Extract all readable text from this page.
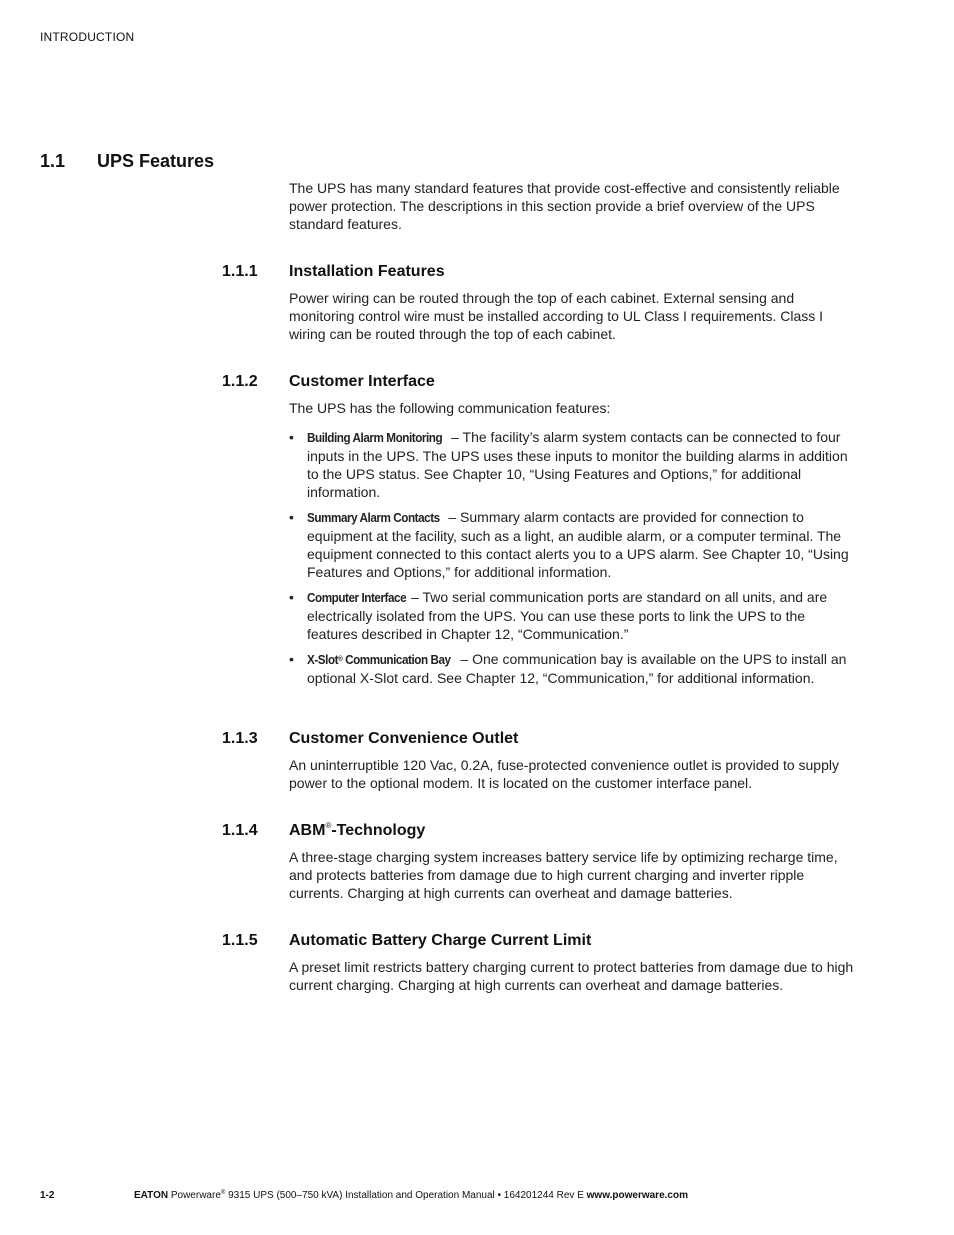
INTRODUCTION
1.1 UPS Features

The UPS has many standard features that provide cost-effective and consistently reliable power protection. The descriptions in this section provide a brief overview of the UPS standard features.

1.1.1 Installation Features

Power wiring can be routed through the top of each cabinet. External sensing and monitoring control wire must be installed according to UL Class I requirements. Class I wiring can be routed through the top of each cabinet.

1.1.2 Customer Interface

The UPS has the following communication features:

• Building Alarm Monitoring – The facility’s alarm system contacts can be connected to four inputs in the UPS. The UPS uses these inputs to monitor the building alarms in addition to the UPS status. See Chapter 10, “Using Features and Options,” for additional information.
• Summary Alarm Contacts – Summary alarm contacts are provided for connection to equipment at the facility, such as a light, an audible alarm, or a computer terminal. The equipment connected to this contact alerts you to a UPS alarm. See Chapter 10, “Using Features and Options,” for additional information.
• Computer Interface – Two serial communication ports are standard on all units, and are electrically isolated from the UPS. You can use these ports to link the UPS to the features described in Chapter 12, “Communication.”
• X-Slot® Communication Bay – One communication bay is available on the UPS to install an optional X-Slot card. See Chapter 12, “Communication,” for additional information.
1.1.3 Customer Convenience Outlet

An uninterruptible 120 Vac, 0.2A, fuse-protected convenience outlet is provided to supply power to the optional modem. It is located on the customer interface panel.

1.1.4 ABM®-Technology

A three-stage charging system increases battery service life by optimizing recharge time, and protects batteries from damage due to high current charging and inverter ripple currents. Charging at high currents can overheat and damage batteries.

1.1.5 Automatic Battery Charge Current Limit

A preset limit restricts battery charging current to protect batteries from damage due to high current charging. Charging at high currents can overheat and damage batteries.

1-2	EATON Powerware® 9315 UPS (500–750 kVA) Installation and Operation Manual • 164201244 Rev E www.powerware.com
